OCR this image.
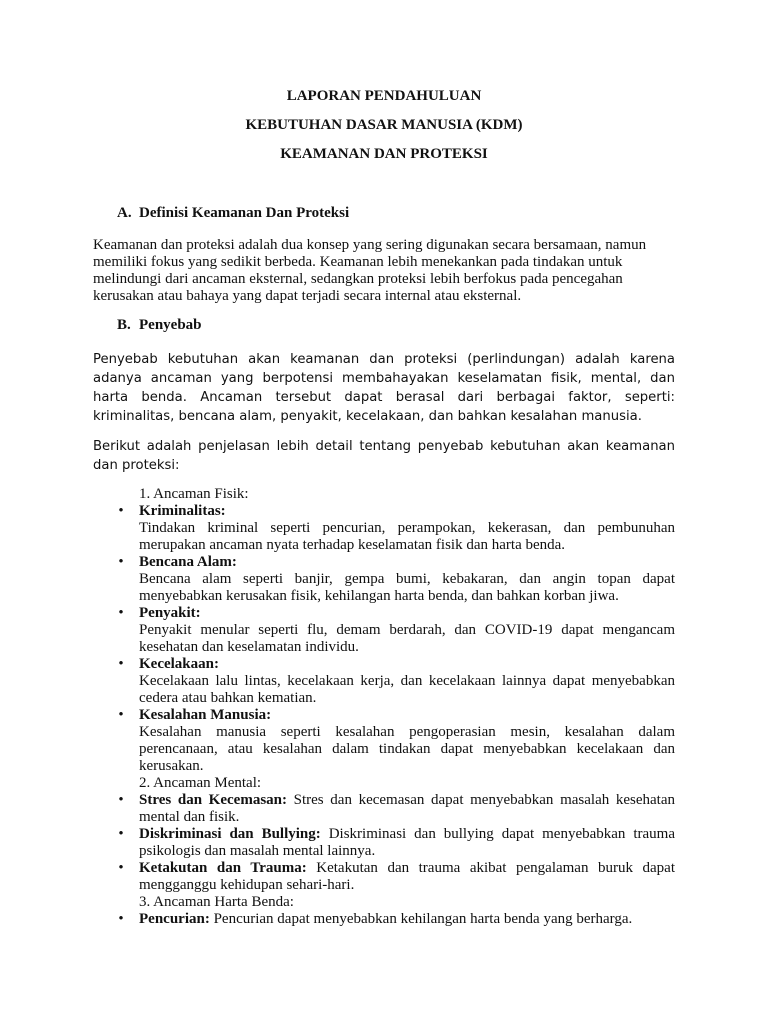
LAPORAN PENDAHULUAN
KEBUTUHAN DASAR MANUSIA (KDM)
KEAMANAN DAN PROTEKSI
A. Definisi Keamanan Dan Proteksi
Keamanan dan proteksi adalah dua konsep yang sering digunakan secara bersamaan, namun
memiliki fokus yang sedikit berbeda. Keamanan lebih menekankan pada tindakan untuk
melindungi dari ancaman eksternal, sedangkan proteksi lebih berfokus pada pencegahan
kerusakan atau bahaya yang dapat terjadi secara internal atau eksternal.
B. Penyebab
Penyebab kebutuhan akan keamanan dan proteksi (perlindungan) adalah karena adanya ancaman yang berpotensi membahayakan keselamatan fisik, mental, dan harta benda. Ancaman tersebut dapat berasal dari berbagai faktor, seperti: kriminalitas, bencana alam, penyakit, kecelakaan, dan bahkan kesalahan manusia.
Berikut adalah penjelasan lebih detail tentang penyebab kebutuhan akan keamanan dan proteksi:
1. Ancaman Fisik:
• Kriminalitas:
Tindakan kriminal seperti pencurian, perampokan, kekerasan, dan pembunuhan merupakan ancaman nyata terhadap keselamatan fisik dan harta benda.
• Bencana Alam:
Bencana alam seperti banjir, gempa bumi, kebakaran, dan angin topan dapat menyebabkan kerusakan fisik, kehilangan harta benda, dan bahkan korban jiwa.
• Penyakit:
Penyakit menular seperti flu, demam berdarah, dan COVID-19 dapat mengancam kesehatan dan keselamatan individu.
• Kecelakaan:
Kecelakaan lalu lintas, kecelakaan kerja, dan kecelakaan lainnya dapat menyebabkan cedera atau bahkan kematian.
• Kesalahan Manusia:
Kesalahan manusia seperti kesalahan pengoperasian mesin, kesalahan dalam perencanaan, atau kesalahan dalam tindakan dapat menyebabkan kecelakaan dan kerusakan.
2. Ancaman Mental:
• Stres dan Kecemasan: Stres dan kecemasan dapat menyebabkan masalah kesehatan mental dan fisik.
• Diskriminasi dan Bullying: Diskriminasi dan bullying dapat menyebabkan trauma psikologis dan masalah mental lainnya.
• Ketakutan dan Trauma: Ketakutan dan trauma akibat pengalaman buruk dapat mengganggu kehidupan sehari-hari.
3. Ancaman Harta Benda:
• Pencurian: Pencurian dapat menyebabkan kehilangan harta benda yang berharga.
